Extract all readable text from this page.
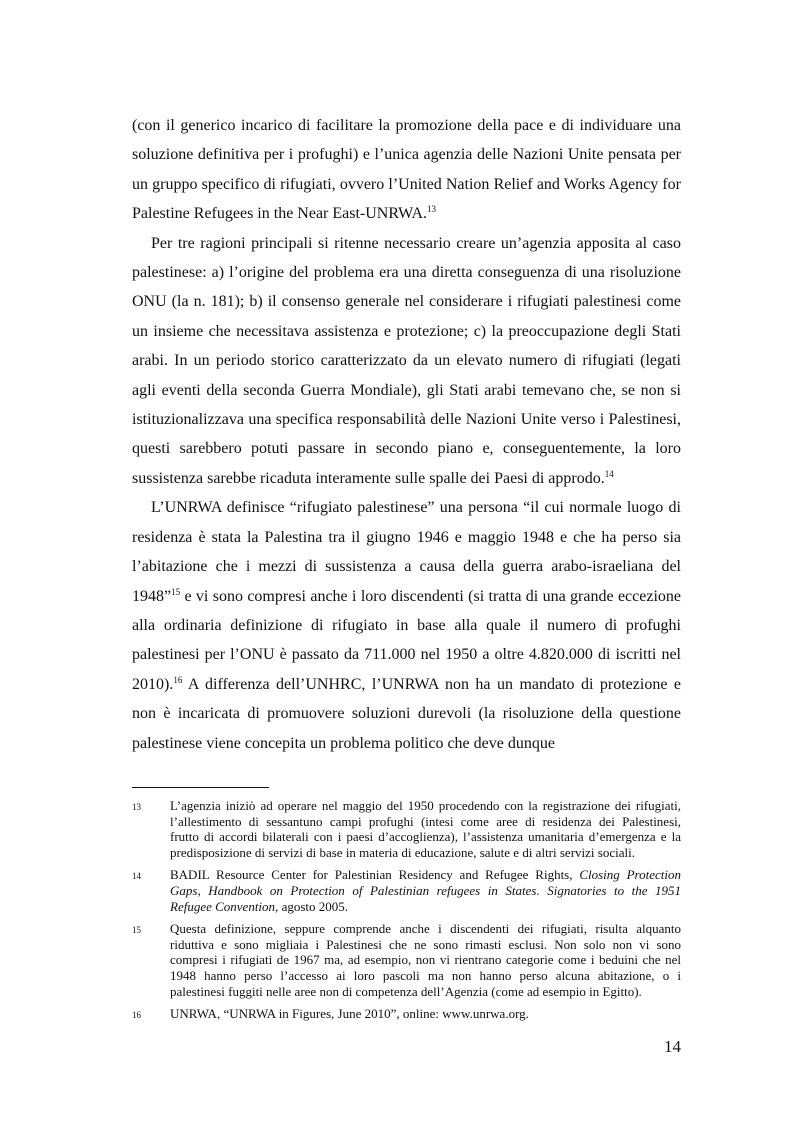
(con il generico incarico di facilitare la promozione della pace e di individuare una soluzione definitiva per i profughi) e l’unica agenzia delle Nazioni Unite pensata per un gruppo specifico di rifugiati, ovvero l’United Nation Relief and Works Agency for Palestine Refugees in the Near East-UNRWA.$^{13}$

Per tre ragioni principali si ritenne necessario creare un’agenzia apposita al caso palestinese: a) l’origine del problema era una diretta conseguenza di una risoluzione ONU (la n. 181); b) il consenso generale nel considerare i rifugiati palestinesi come un insieme che necessitava assistenza e protezione; c) la preoccupazione degli Stati arabi. In un periodo storico caratterizzato da un elevato numero di rifugiati (legati agli eventi della seconda Guerra Mondiale), gli Stati arabi temevano che, se non si istituzionalizzava una specifica responsabilità delle Nazioni Unite verso i Palestinesi, questi sarebbero potuti passare in secondo piano e, conseguentemente, la loro sussistenza sarebbe ricaduta interamente sulle spalle dei Paesi di approdo.$^{14}$

L’UNRWA definisce “rifugiato palestinese” una persona “il cui normale luogo di residenza è stata la Palestina tra il giugno 1946 e maggio 1948 e che ha perso sia l’abitazione che i mezzi di sussistenza a causa della guerra arabo-israeliana del 1948”$^{15}$ e vi sono compresi anche i loro discendenti (si tratta di una grande eccezione alla ordinaria definizione di rifugiato in base alla quale il numero di profughi palestinesi per l’ONU è passato da 711.000 nel 1950 a oltre 4.820.000 di iscritti nel 2010).$^{16}$ A differenza dell’UNHRC, l’UNRWA non ha un mandato di protezione e non è incaricata di promuovere soluzioni durevoli (la risoluzione della questione palestinese viene concepita un problema politico che deve dunque

13 L’agenzia iniziò ad operare nel maggio del 1950 procedendo con la registrazione dei rifugiati,
l’allestimento di sessantuno campi profughi (intesi come aree di residenza dei Palestinesi,
frutto di accordi bilaterali con i paesi d’accoglienza), l’assistenza umanitaria d’emergenza e la
predisposizione di servizi di base in materia di educazione, salute e di altri servizi sociali.
14 BADIL Resource Center for Palestinian Residency and Refugee Rights, Closing Protection
Gaps, Handbook on Protection of Palestinian refugees in States. Signatories to the 1951
Refugee Convention, agosto 2005.
15 Questa definizione, seppure comprende anche i discendenti dei rifugiati, risulta alquanto
riduttiva e sono migliaia i Palestinesi che ne sono rimasti esclusi. Non solo non vi sono
compresi i rifugiati de 1967 ma, ad esempio, non vi rientrano categorie come i beduini che nel
1948 hanno perso l’accesso ai loro pascoli ma non hanno perso alcuna abitazione, o i
palestinesi fuggiti nelle aree non di competenza dell’Agenzia (come ad esempio in Egitto).
16 UNRWA, “UNRWA in Figures, June 2010”, online: www.unrwa.org.
14
